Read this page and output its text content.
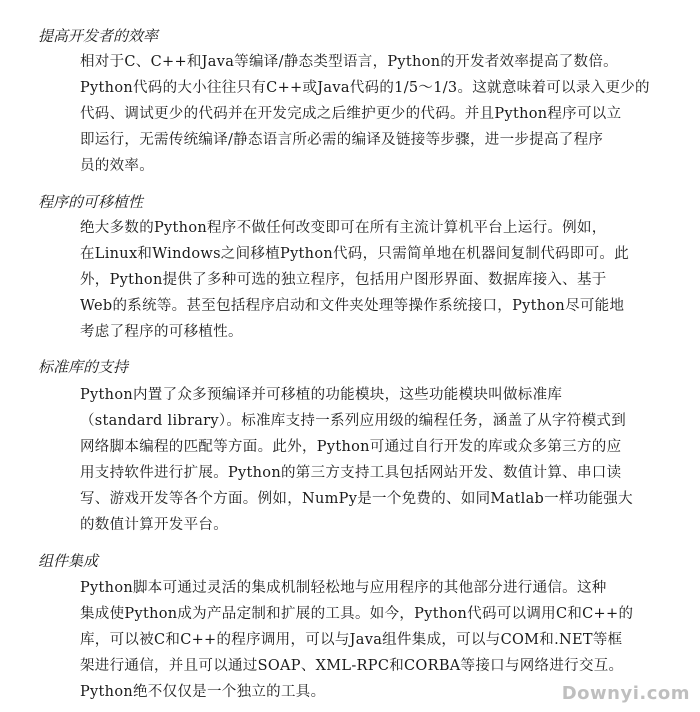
提高开发者的效率
相对于C、C++和Java等编译/静态类型语言，Python的开发者效率提高了数倍。
Python代码的大小往往只有C++或Java代码的1/5～1/3。这就意味着可以录入更少的
代码、调试更少的代码并在开发完成之后维护更少的代码。并且Python程序可以立
即运行，无需传统编译/静态语言所必需的编译及链接等步骤，进一步提高了程序
员的效率。
程序的可移植性
绝大多数的Python程序不做任何改变即可在所有主流计算机平台上运行。例如，
在Linux和Windows之间移植Python代码，只需简单地在机器间复制代码即可。此
外，Python提供了多种可选的独立程序，包括用户图形界面、数据库接入、基于
Web的系统等。甚至包括程序启动和文件夹处理等操作系统接口，Python尽可能地
考虑了程序的可移植性。
标准库的支持
Python内置了众多预编译并可移植的功能模块，这些功能模块叫做标准库
（standard library）。标准库支持一系列应用级的编程任务，涵盖了从字符模式到
网络脚本编程的匹配等方面。此外，Python可通过自行开发的库或众多第三方的应
用支持软件进行扩展。Python的第三方支持工具包括网站开发、数值计算、串口读
写、游戏开发等各个方面。例如，NumPy是一个免费的、如同Matlab一样功能强大
的数值计算开发平台。
组件集成
Python脚本可通过灵活的集成机制轻松地与应用程序的其他部分进行通信。这种
集成使Python成为产品定制和扩展的工具。如今，Python代码可以调用C和C++的
库，可以被C和C++的程序调用，可以与Java组件集成，可以与COM和.NET等框
架进行通信，并且可以通过SOAP、XML-RPC和CORBA等接口与网络进行交互。
Python绝不仅仅是一个独立的工具。	Downyi.com
